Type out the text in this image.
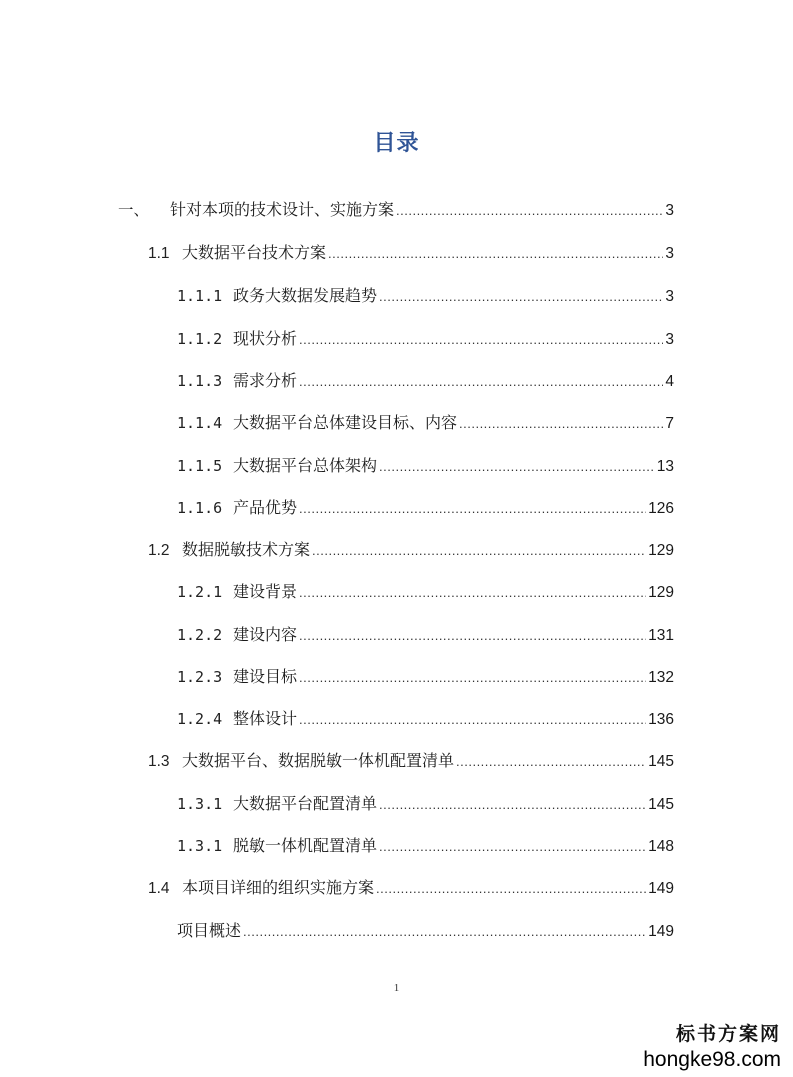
目录
一、	针对本项的技术设计、实施方案 .....	3
1.1 大数据平台技术方案 .....	3
1.1.1 政务大数据发展趋势 .....	3
1.1.2 现状分析 .....	3
1.1.3 需求分析 .....	4
1.1.4 大数据平台总体建设目标、内容 .....	7
1.1.5 大数据平台总体架构 .....	13
1.1.6 产品优势 .....	126
1.2 数据脱敏技术方案 .....	129
1.2.1 建设背景 .....	129
1.2.2 建设内容 .....	131
1.2.3 建设目标 .....	132
1.2.4 整体设计 .....	136
1.3 大数据平台、数据脱敏一体机配置清单 .....	145
1.3.1 大数据平台配置清单 .....	145
1.3.1 脱敏一体机配置清单 .....	148
1.4 本项目详细的组织实施方案 .....	149
项目概述 .....	149
1
标书方案网
hongke98.com
